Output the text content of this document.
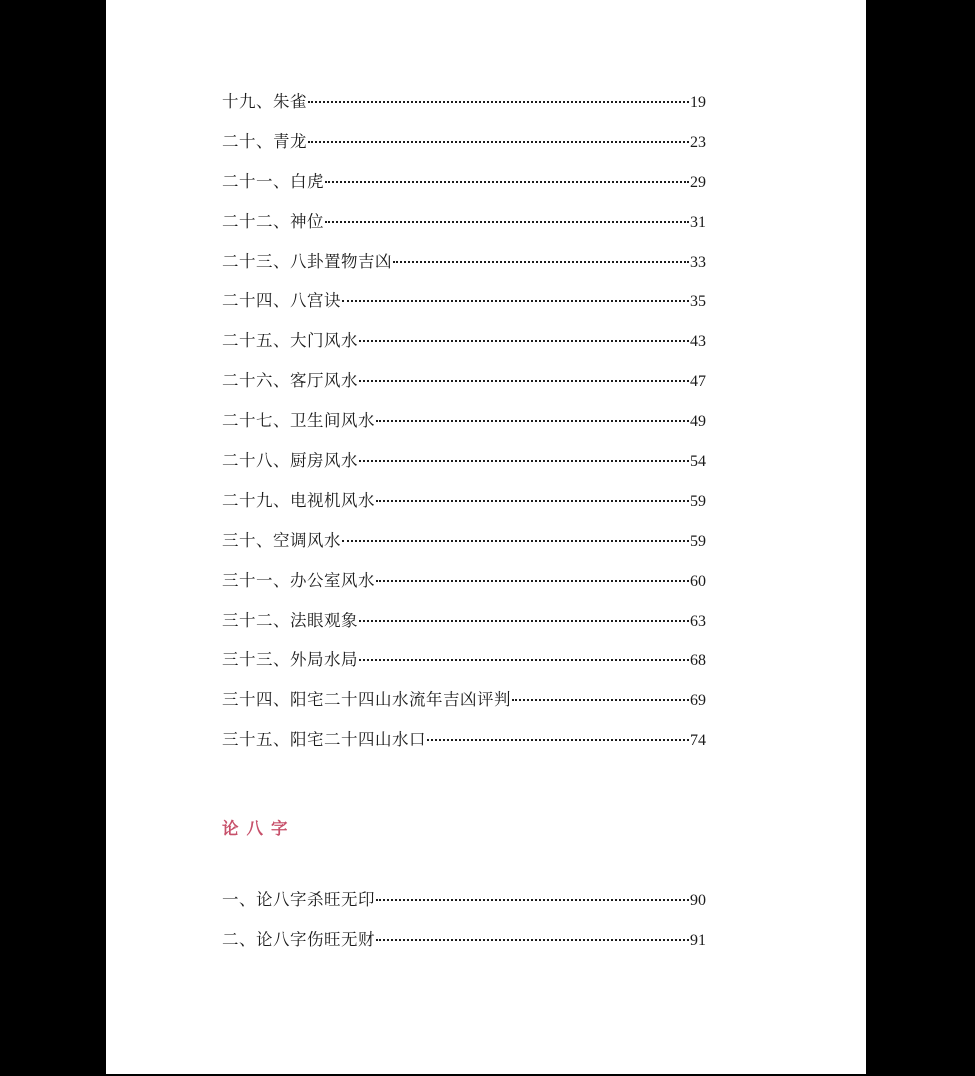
十九、朱雀	19
二十、青龙	23
二十一、白虎	29
二十二、神位	31
二十三、八卦置物吉凶	33
二十四、八宫诀	35
二十五、大门风水	43
二十六、客厅风水	47
二十七、卫生间风水	49
二十八、厨房风水	54
二十九、电视机风水	59
三十、空调风水	59
三十一、办公室风水	60
三十二、法眼观象	63
三十三、外局水局	68
三十四、阳宅二十四山水流年吉凶评判	69
三十五、阳宅二十四山水口	74
论八字
一、论八字杀旺无印	90
二、论八字伤旺无财	91
